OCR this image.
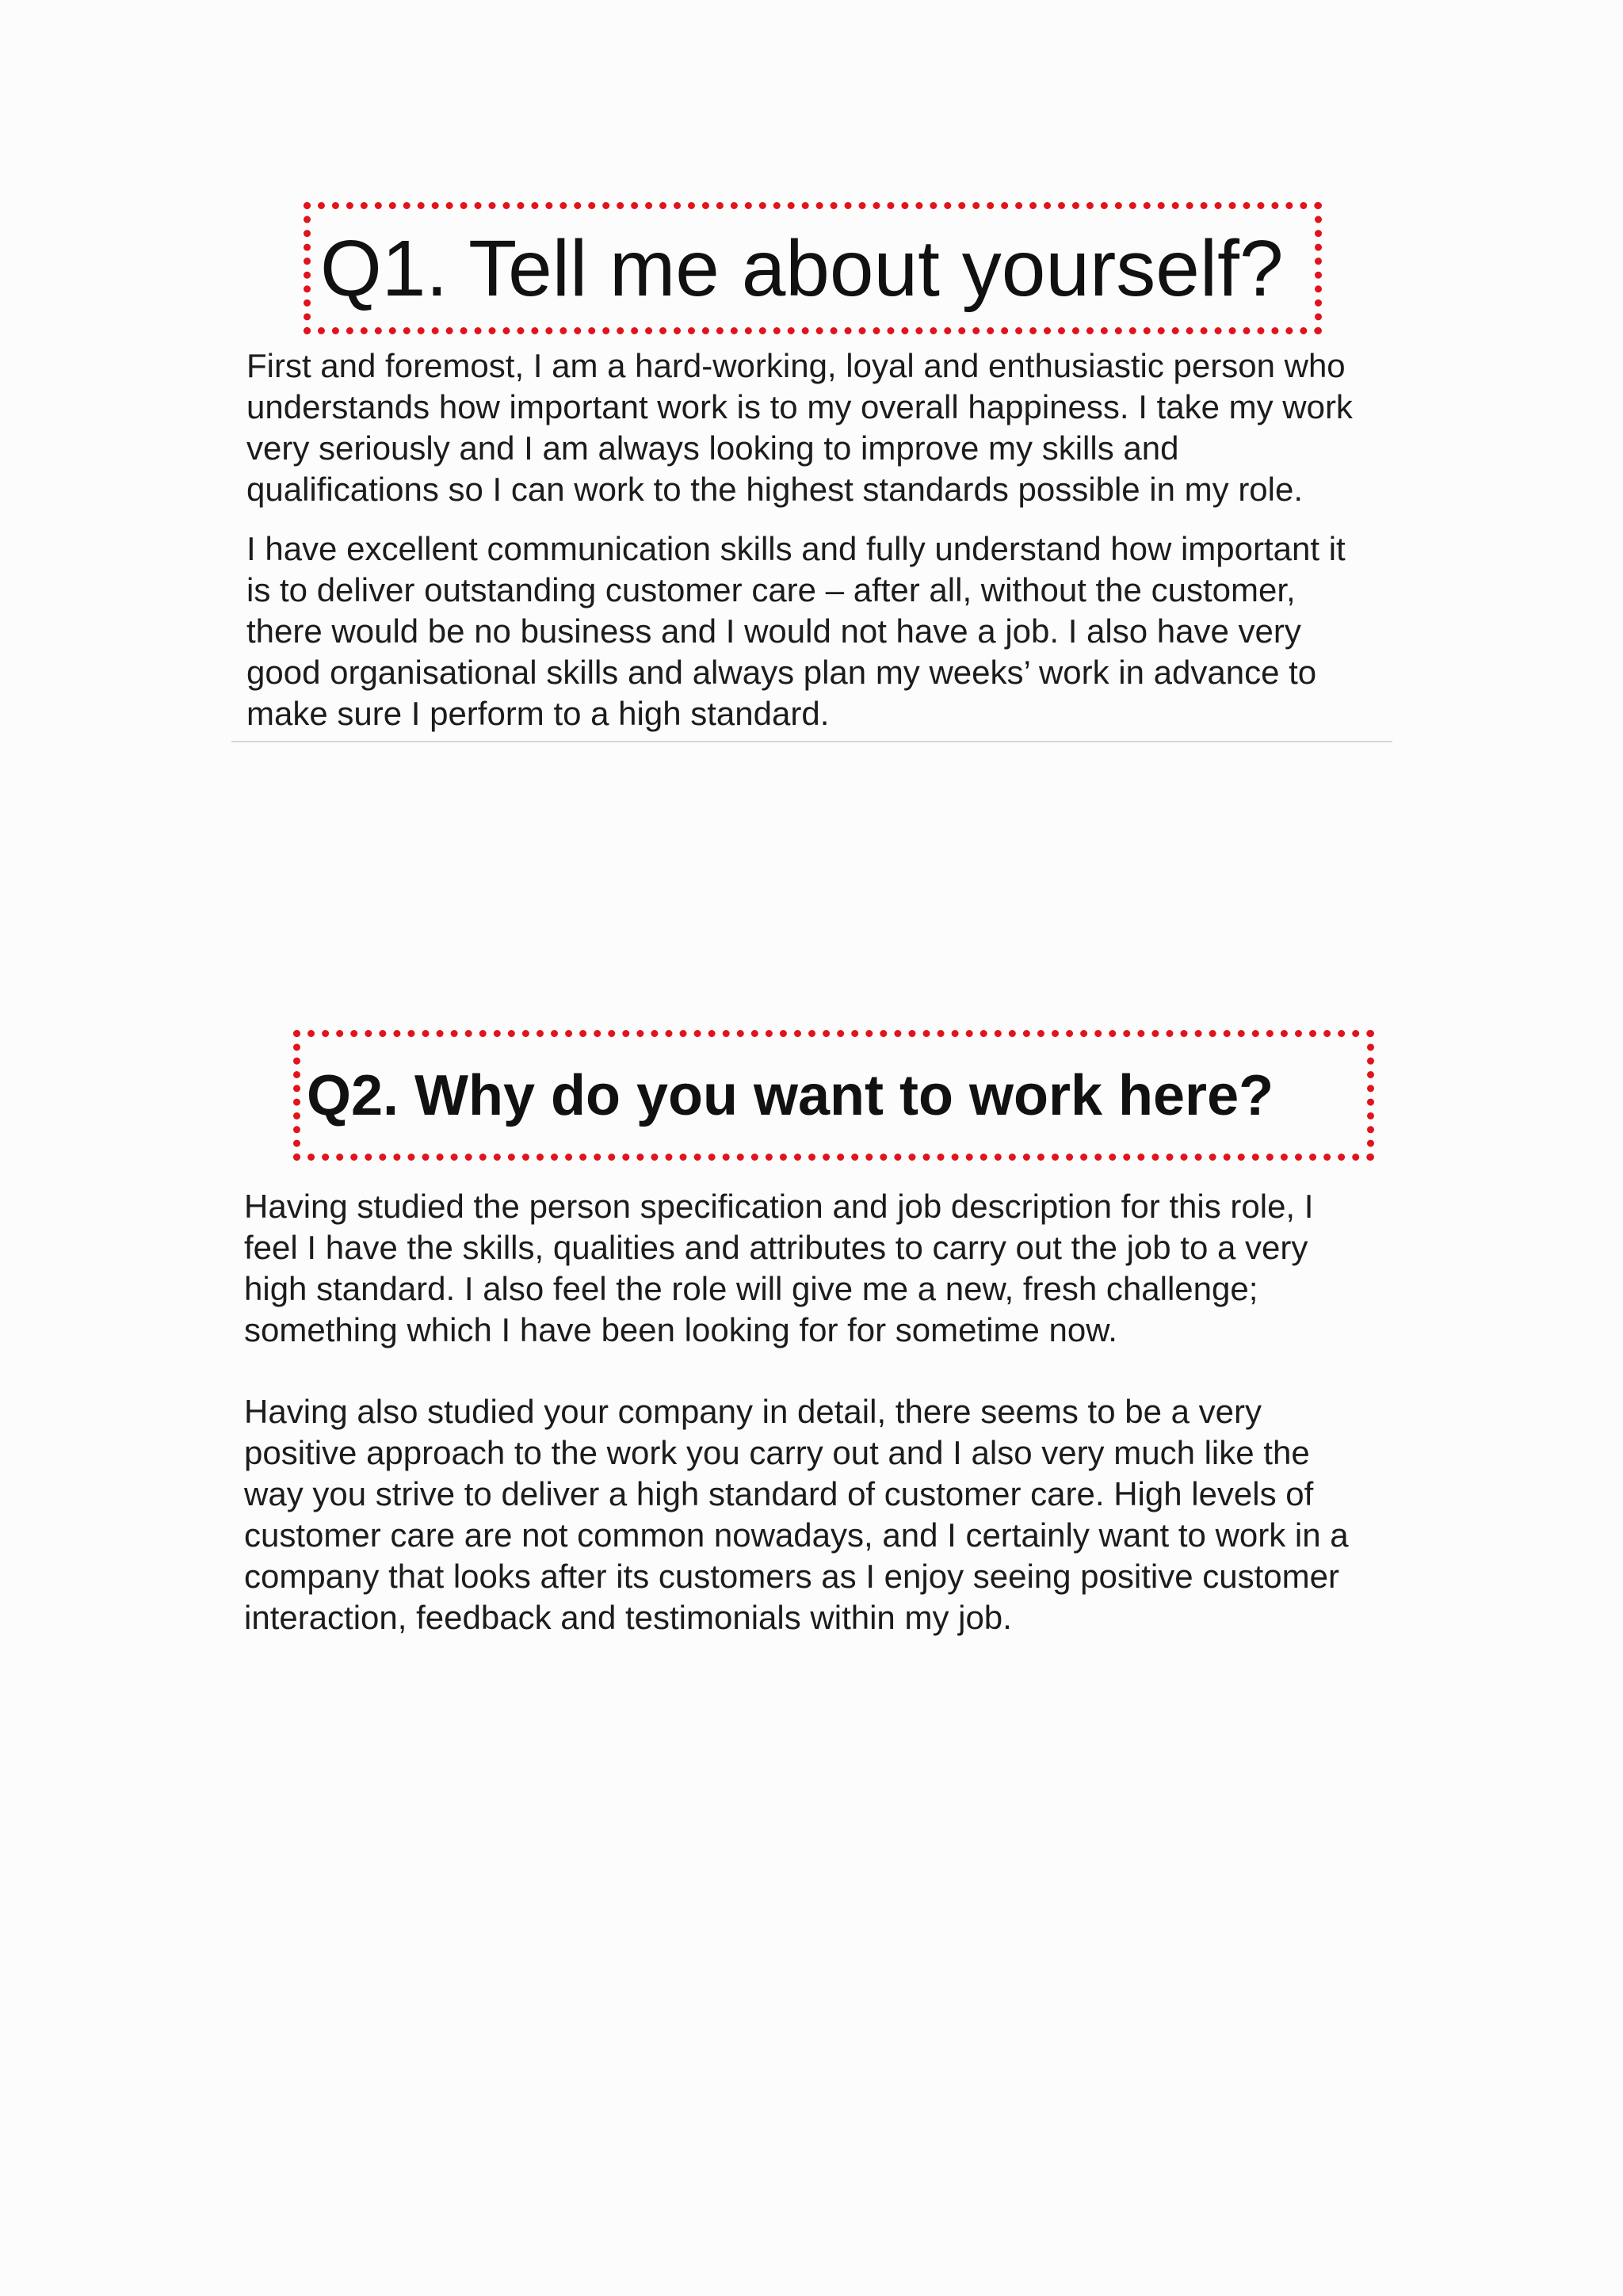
Q1. Tell me about yourself?

First and foremost, I am a hard-working, loyal and enthusiastic person who
understands how important work is to my overall happiness. I take my work
very seriously and I am always looking to improve my skills and
qualifications so I can work to the highest standards possible in my role.

I have excellent communication skills and fully understand how important it
is to deliver outstanding customer care – after all, without the customer,
there would be no business and I would not have a job. I also have very
good organisational skills and always plan my weeks’ work in advance to
make sure I perform to a high standard.

Q2. Why do you want to work here?

Having studied the person specification and job description for this role, I
feel I have the skills, qualities and attributes to carry out the job to a very
high standard. I also feel the role will give me a new, fresh challenge;
something which I have been looking for for sometime now.

Having also studied your company in detail, there seems to be a very
positive approach to the work you carry out and I also very much like the
way you strive to deliver a high standard of customer care. High levels of
customer care are not common nowadays, and I certainly want to work in a
company that looks after its customers as I enjoy seeing positive customer
interaction, feedback and testimonials within my job.
